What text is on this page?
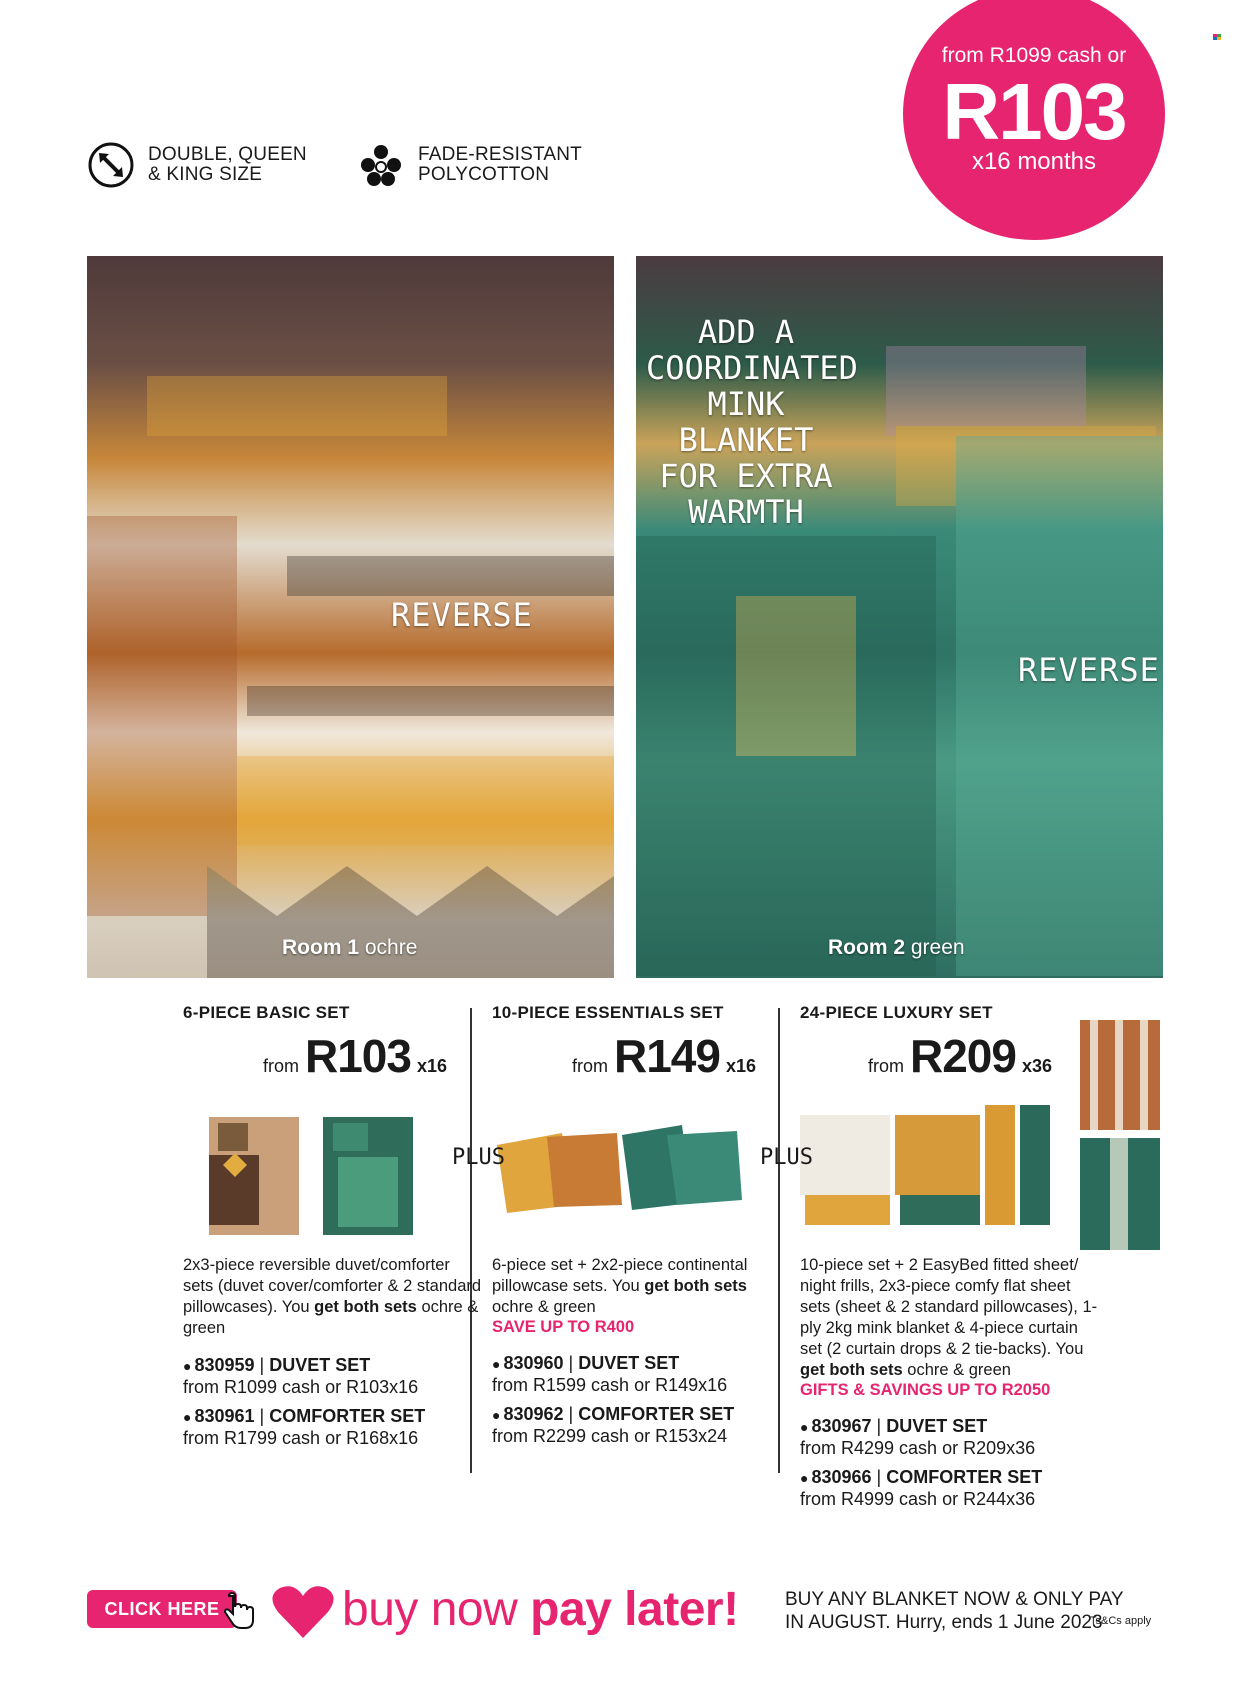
DOUBLE, QUEEN
& KING SIZE
FADE-RESISTANT
POLYCOTTON
from R1099 cash or
R103
x16 months
REVERSE
Room 1 ochre
ADD A
COORDINATED
MINK BLANKET
FOR EXTRA
WARMTH
REVERSE
Room 2 green
6-PIECE BASIC SET
from R103 x16
2x3-piece reversible duvet/comforter sets (duvet cover/comforter & 2 standard pillowcases). You get both sets ochre & green
● 830959 | DUVET SET
from R1099 cash or R103x16
● 830961 | COMFORTER SET
from R1799 cash or R168x16
10-PIECE ESSENTIALS SET
from R149 x16
PLUS
6-piece set + 2x2-piece continental pillowcase sets. You get both sets ochre & green
SAVE UP TO R400
● 830960 | DUVET SET
from R1599 cash or R149x16
● 830962 | COMFORTER SET
from R2299 cash or R153x24
24-PIECE LUXURY SET
from R209 x36
PLUS
10-piece set + 2 EasyBed fitted sheet/ night frills, 2x3-piece comfy flat sheet sets (sheet & 2 standard pillowcases), 1-ply 2kg mink blanket & 4-piece curtain set (2 curtain drops & 2 tie-backs). You get both sets ochre & green
GIFTS & SAVINGS UP TO R2050
● 830967 | DUVET SET
from R4299 cash or R209x36
● 830966 | COMFORTER SET
from R4999 cash or R244x36
CLICK HERE	buy now pay later! BUY ANY BLANKET NOW & ONLY PAY
IN AUGUST. Hurry, ends 1 June 2023
Ts&Cs apply
